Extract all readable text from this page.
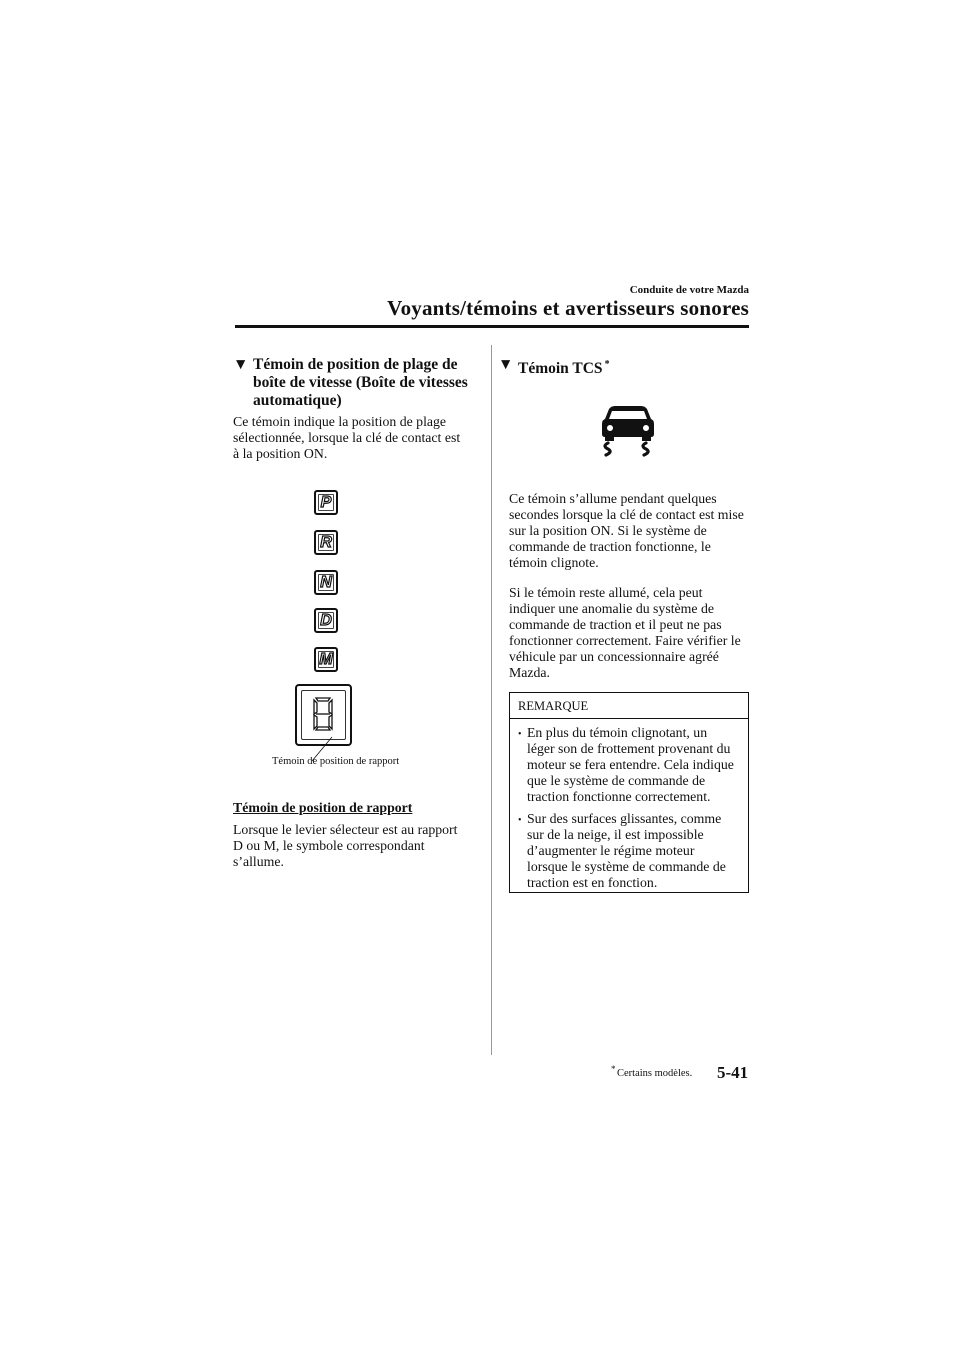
Conduite de votre Mazda
Voyants/témoins et avertisseurs sonores
▼ Témoin de position de plage de boîte de vitesse (Boîte de vitesses automatique)
Ce témoin indique la position de plage
sélectionnée, lorsque la clé de contact est
à la position ON.
P
R
N
D
M
Témoin de position de rapport
Témoin de position de rapport
Lorsque le levier sélecteur est au rapport
D ou M, le symbole correspondant
s’allume.
▼ Témoin TCS *
Ce témoin s’allume pendant quelques
secondes lorsque la clé de contact est mise
sur la position ON. Si le système de
commande de traction fonctionne, le
témoin clignote.
Si le témoin reste allumé, cela peut
indiquer une anomalie du système de
commande de traction et il peut ne pas
fonctionner correctement. Faire vérifier le
véhicule par un concessionnaire agréé
Mazda.
REMARQUE
• En plus du témoin clignotant, un
léger son de frottement provenant du
moteur se fera entendre. Cela indique
que le système de commande de
traction fonctionne correctement.
• Sur des surfaces glissantes, comme
sur de la neige, il est impossible
d’augmenter le régime moteur
lorsque le système de commande de
traction est en fonction.
* Certains modèles. 5-41
